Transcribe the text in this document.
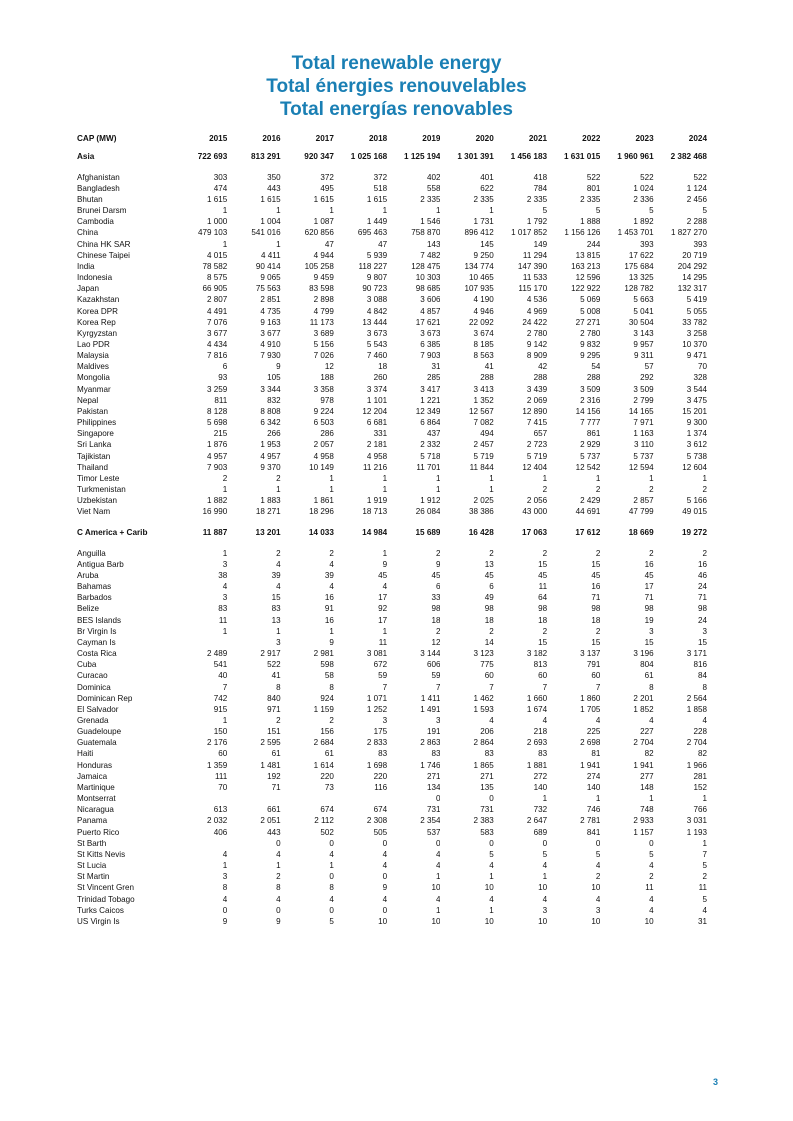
Total renewable energy
Total énergies renouvelables
Total energías renovables
CAP (MW)	2015	2016	2017	2018	2019	2020	2021	2022	2023	2024

Asia	722 693	813 291	920 347	1 025 168	1 125 194	1 301 391	1 456 183	1 631 015	1 960 961	2 382 468

Afghanistan	303	350	372	372	402	401	418	522	522	522
Bangladesh	474	443	495	518	558	622	784	801	1 024	1 124
Bhutan	1 615	1 615	1 615	1 615	2 335	2 335	2 335	2 335	2 336	2 456
Brunei Darsm	1	1	1	1	1	1	5	5	5	5
Cambodia	1 000	1 004	1 087	1 449	1 546	1 731	1 792	1 888	1 892	2 288
China	479 103	541 016	620 856	695 463	758 870	896 412	1 017 852	1 156 126	1 453 701	1 827 270
China HK SAR	1	1	47	47	143	145	149	244	393	393
Chinese Taipei	4 015	4 411	4 944	5 939	7 482	9 250	11 294	13 815	17 622	20 719
India	78 582	90 414	105 258	118 227	128 475	134 774	147 390	163 213	175 684	204 292
Indonesia	8 575	9 065	9 459	9 807	10 303	10 465	11 533	12 596	13 325	14 295
Japan	66 905	75 563	83 598	90 723	98 685	107 935	115 170	122 922	128 782	132 317
Kazakhstan	2 807	2 851	2 898	3 088	3 606	4 190	4 536	5 069	5 663	5 419
Korea DPR	4 491	4 735	4 799	4 842	4 857	4 946	4 969	5 008	5 041	5 055
Korea Rep	7 076	9 163	11 173	13 444	17 621	22 092	24 422	27 271	30 504	33 782
Kyrgyzstan	3 677	3 677	3 689	3 673	3 673	3 674	2 780	2 780	3 143	3 258
Lao PDR	4 434	4 910	5 156	5 543	6 385	8 185	9 142	9 832	9 957	10 370
Malaysia	7 816	7 930	7 026	7 460	7 903	8 563	8 909	9 295	9 311	9 471
Maldives	6	9	12	18	31	41	42	54	57	70
Mongolia	93	105	188	260	285	288	288	288	292	328
Myanmar	3 259	3 344	3 358	3 374	3 417	3 413	3 439	3 509	3 509	3 544
Nepal	811	832	978	1 101	1 221	1 352	2 069	2 316	2 799	3 475
Pakistan	8 128	8 808	9 224	12 204	12 349	12 567	12 890	14 156	14 165	15 201
Philippines	5 698	6 342	6 503	6 681	6 864	7 082	7 415	7 777	7 971	9 300
Singapore	215	266	286	331	437	494	657	861	1 163	1 374
Sri Lanka	1 876	1 953	2 057	2 181	2 332	2 457	2 723	2 929	3 110	3 612
Tajikistan	4 957	4 957	4 958	4 958	5 718	5 719	5 719	5 737	5 737	5 738
Thailand	7 903	9 370	10 149	11 216	11 701	11 844	12 404	12 542	12 594	12 604
Timor Leste	2	2	1	1	1	1	1	1	1	1
Turkmenistan	1	1	1	1	1	1	2	2	2	2
Uzbekistan	1 882	1 883	1 861	1 919	1 912	2 025	2 056	2 429	2 857	5 166
Viet Nam	16 990	18 271	18 296	18 713	26 084	38 386	43 000	44 691	47 799	49 015

C America + Carib	11 887	13 201	14 033	14 984	15 689	16 428	17 063	17 612	18 669	19 272

Anguilla	1	2	2	1	2	2	2	2	2	2
Antigua Barb	3	4	4	9	9	13	15	15	16	16
Aruba	38	39	39	45	45	45	45	45	45	46
Bahamas	4	4	4	4	6	6	11	16	17	24
Barbados	3	15	16	17	33	49	64	71	71	71
Belize	83	83	91	92	98	98	98	98	98	98
BES Islands	11	13	16	17	18	18	18	18	19	24
Br Virgin Is	1	1	1	1	2	2	2	2	3	3
Cayman Is		3	9	11	12	14	15	15	15	15
Costa Rica	2 489	2 917	2 981	3 081	3 144	3 123	3 182	3 137	3 196	3 171
Cuba	541	522	598	672	606	775	813	791	804	816
Curacao	40	41	58	59	59	60	60	60	61	84
Dominica	7	8	8	7	7	7	7	7	8	8
Dominican Rep	742	840	924	1 071	1 411	1 462	1 660	1 860	2 201	2 564
El Salvador	915	971	1 159	1 252	1 491	1 593	1 674	1 705	1 852	1 858
Grenada	1	2	2	3	3	4	4	4	4	4
Guadeloupe	150	151	156	175	191	206	218	225	227	228
Guatemala	2 176	2 595	2 684	2 833	2 863	2 864	2 693	2 698	2 704	2 704
Haiti	60	61	61	83	83	83	83	81	82	82
Honduras	1 359	1 481	1 614	1 698	1 746	1 865	1 881	1 941	1 941	1 966
Jamaica	111	192	220	220	271	271	272	274	277	281
Martinique	70	71	73	116	134	135	140	140	148	152
Montserrat					0	0	1	1	1	1
Nicaragua	613	661	674	674	731	731	732	746	748	766
Panama	2 032	2 051	2 112	2 308	2 354	2 383	2 647	2 781	2 933	3 031
Puerto Rico	406	443	502	505	537	583	689	841	1 157	1 193
St Barth		0	0	0	0	0	0	0	0	1
St Kitts Nevis	4	4	4	4	4	5	5	5	5	7
St Lucia	1	1	1	4	4	4	4	4	4	5
St Martin	3	2	0	0	1	1	1	2	2	2
St Vincent Gren	8	8	8	9	10	10	10	10	11	11
Trinidad Tobago	4	4	4	4	4	4	4	4	4	5
Turks Caicos	0	0	0	0	1	1	3	3	4	4
US Virgin Is	9	9	5	10	10	10	10	10	10	31
3
